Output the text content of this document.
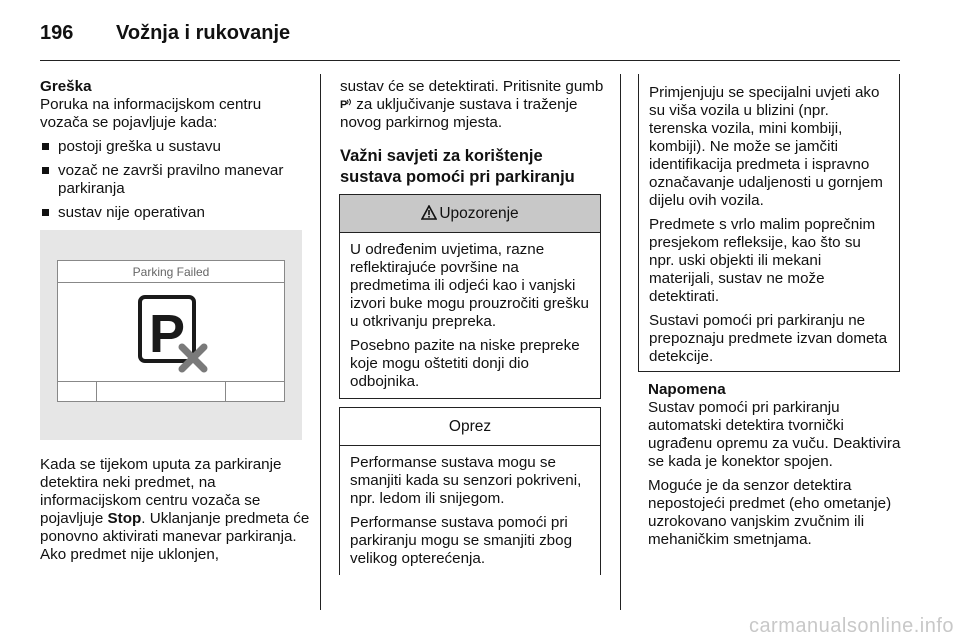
196 Vožnja i rukovanje
Greška
Poruka na informacijskom centru vozača se pojavljuje kada:
postoji greška u sustavu
vozač ne završi pravilno manevar parkiranja
sustav nije operativan
Parking Failed
P

Kada se tijekom uputa za parkiranje detektira neki predmet, na informacijskom centru vozača se pojavljuje Stop. Uklanjanje predmeta će ponovno aktivirati manevar parkiranja. Ako predmet nije uklonjen,

sustav će se detektirati. Pritisnite gumb
P za uključivanje sustava i traženje novog parkirnog mjesta.

Važni savjeti za korištenje sustava pomoći pri parkiranju
Upozorenje

U određenim uvjetima, razne reflektirajuće površine na predmetima ili odjeći kao i vanjski izvori buke mogu prouzročiti grešku u otkrivanju prepreka.

Posebno pazite na niske prepreke koje mogu oštetiti donji dio odbojnika.

Oprez

Performanse sustava mogu se smanjiti kada su senzori pokriveni, npr. ledom ili snijegom.

Performanse sustava pomoći pri parkiranju mogu se smanjiti zbog velikog opterećenja.

Primjenjuju se specijalni uvjeti ako su viša vozila u blizini (npr. terenska vozila, mini kombiji, kombiji). Ne može se jamčiti identifikacija predmeta i ispravno označavanje udaljenosti u gornjem dijelu ovih vozila.

Predmete s vrlo malim poprečnim presjekom refleksije, kao što su npr. uski objekti ili mekani materijali, sustav ne može detektirati.

Sustavi pomoći pri parkiranju ne prepoznaju predmete izvan dometa detekcije.

Napomena

Sustav pomoći pri parkiranju automatski detektira tvornički ugrađenu opremu za vuču. Deaktivira se kada je konektor spojen.

Moguće je da senzor detektira nepostojeći predmet (eho ometanje) uzrokovano vanjskim zvučnim ili mehaničkim smetnjama.

carmanualsonline.info
